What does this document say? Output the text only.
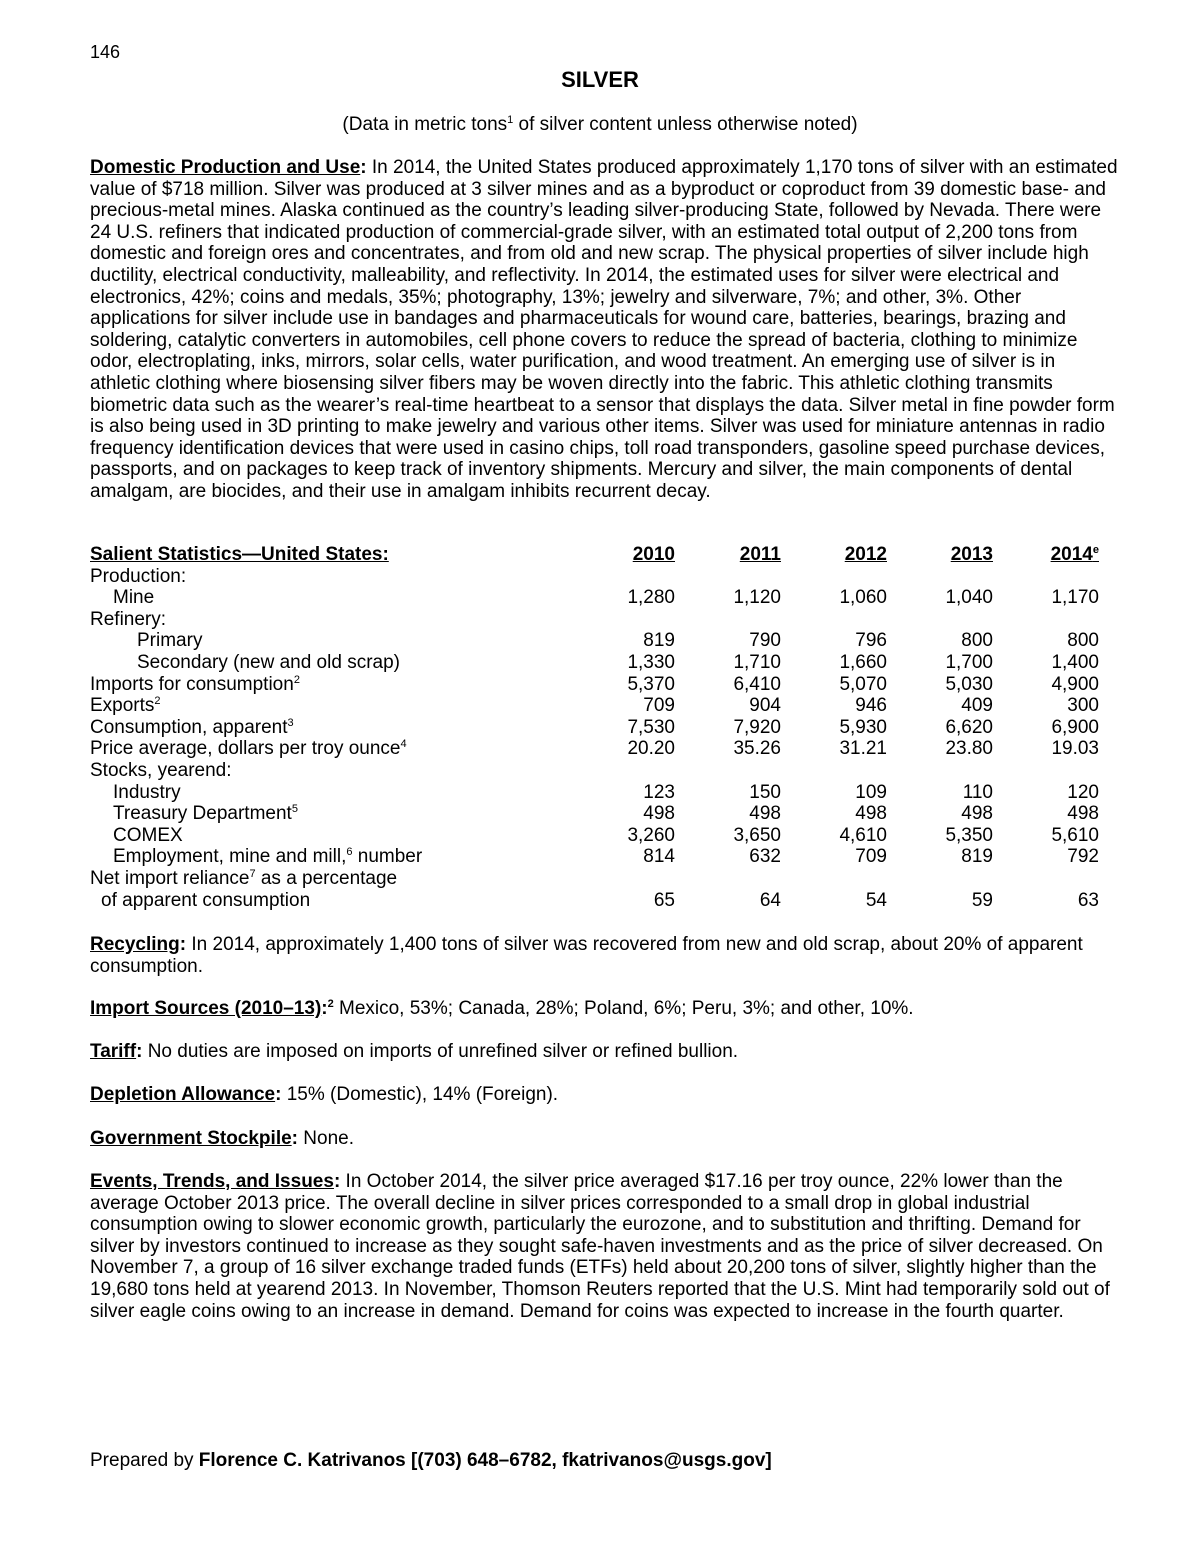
146
SILVER
(Data in metric tons$^1$ of silver content unless otherwise noted)
Domestic Production and Use: In 2014, the United States produced approximately 1,170 tons of silver with an estimated value of $718 million. Silver was produced at 3 silver mines and as a byproduct or coproduct from 39 domestic base- and precious-metal mines. Alaska continued as the country’s leading silver-producing State, followed by Nevada. There were 24 U.S. refiners that indicated production of commercial-grade silver, with an estimated total output of 2,200 tons from domestic and foreign ores and concentrates, and from old and new scrap. The physical properties of silver include high ductility, electrical conductivity, malleability, and reflectivity. In 2014, the estimated uses for silver were electrical and electronics, 42%; coins and medals, 35%; photography, 13%; jewelry and silverware, 7%; and other, 3%. Other applications for silver include use in bandages and pharmaceuticals for wound care, batteries, bearings, brazing and soldering, catalytic converters in automobiles, cell phone covers to reduce the spread of bacteria, clothing to minimize odor, electroplating, inks, mirrors, solar cells, water purification, and wood treatment. An emerging use of silver is in athletic clothing where biosensing silver fibers may be woven directly into the fabric. This athletic clothing transmits biometric data such as the wearer’s real-time heartbeat to a sensor that displays the data. Silver metal in fine powder form is also being used in 3D printing to make jewelry and various other items. Silver was used for miniature antennas in radio frequency identification devices that were used in casino chips, toll road transponders, gasoline speed purchase devices, passports, and on packages to keep track of inventory shipments. Mercury and silver, the main components of dental amalgam, are biocides, and their use in amalgam inhibits recurrent decay.
Salient Statistics—United States:	2010	2011	2012	2013	2014e
Production:					
Mine	1,280	1,120	1,060	1,040	1,170
Refinery:					
Primary	819	790	796	800	800
Secondary (new and old scrap)	1,330	1,710	1,660	1,700	1,400
Imports for consumption$^2$	5,370	6,410	5,070	5,030	4,900
Exports$^2$	709	904	946	409	300
Consumption, apparent$^3$	7,530	7,920	5,930	6,620	6,900
Price average, dollars per troy ounce$^4$	20.20	35.26	31.21	23.80	19.03
Stocks, yearend:					
Industry	123	150	109	110	120
Treasury Department$^5$	498	498	498	498	498
COMEX	3,260	3,650	4,610	5,350	5,610
Employment, mine and mill,$^6$ number	814	632	709	819	792
Net import reliance$^7$ as a percentage					
of apparent consumption	65	64	54	59	63
Recycling: In 2014, approximately 1,400 tons of silver was recovered from new and old scrap, about 20% of apparent consumption.
Import Sources (2010–13):$^2$ Mexico, 53%; Canada, 28%; Poland, 6%; Peru, 3%; and other, 10%.
Tariff: No duties are imposed on imports of unrefined silver or refined bullion.
Depletion Allowance: 15% (Domestic), 14% (Foreign).
Government Stockpile: None.
Events, Trends, and Issues: In October 2014, the silver price averaged $17.16 per troy ounce, 22% lower than the average October 2013 price. The overall decline in silver prices corresponded to a small drop in global industrial consumption owing to slower economic growth, particularly the eurozone, and to substitution and thrifting. Demand for silver by investors continued to increase as they sought safe-haven investments and as the price of silver decreased. On November 7, a group of 16 silver exchange traded funds (ETFs) held about 20,200 tons of silver, slightly higher than the 19,680 tons held at yearend 2013. In November, Thomson Reuters reported that the U.S. Mint had temporarily sold out of silver eagle coins owing to an increase in demand. Demand for coins was expected to increase in the fourth quarter.
Prepared by Florence C. Katrivanos [(703) 648–6782, fkatrivanos@usgs.gov]
